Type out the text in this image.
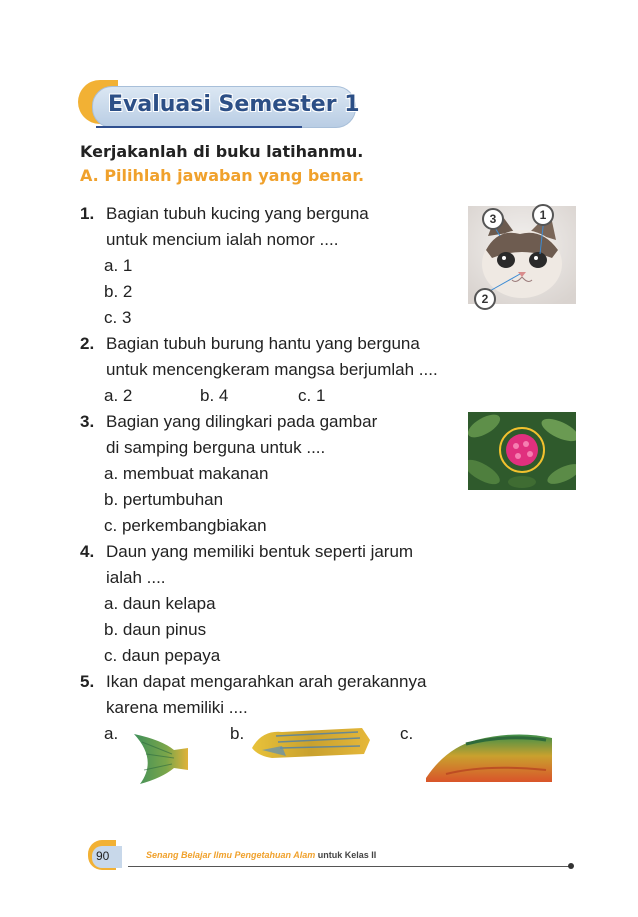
Evaluasi Semester 1
Kerjakanlah di buku latihanmu.
A. Pilihlah jawaban yang benar.
1. Bagian tubuh kucing yang berguna
untuk mencium ialah nomor ....
a. 1
b. 2
c. 3
3	1
2
2. Bagian tubuh burung hantu yang berguna
untuk mencengkeram mangsa berjumlah ....
a. 2	b. 4	c. 1
3. Bagian yang dilingkari pada gambar
di samping berguna untuk ....
a. membuat makanan
b. pertumbuhan
c. perkembangbiakan
4. Daun yang memiliki bentuk seperti jarum
ialah ....
a. daun kelapa
b. daun pinus
c. daun pepaya
5. Ikan dapat mengarahkan arah gerakannya
karena memiliki ....
a.	b.	c.
90	Senang Belajar Ilmu Pengetahuan Alam untuk Kelas II
